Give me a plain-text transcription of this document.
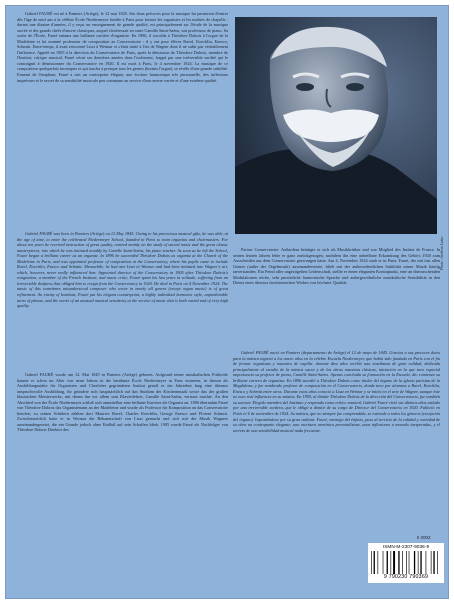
Gabriel FAURÉ est né à Pamiers (Ariège), le 12 mai 1845. Ses dons précoces pour la musique lui permirent d'entrer dès l'âge de neuf ans à la célèbre École Niedermeyer fondée à Paris pour former les organistes et les maîtres de chapelle : durant une dizaine d'années, il y reçut un enseignement de grande qualité, est principalement sur l'étude de la musique sacrée et des grands chefs-d'œuvre classiques, auquel s'intéressait en outre Camille Saint-Saëns, son professeur de piano. Sa sortie de l'École, Fauré entama une brillante carrière d'organiste. En 1896, il succéda à Théodore Dubois à l'orgue de la Madeleine et fut nommé professeur de composition au Conservatoire : il y eut pour élèves Ravel, Koechlin, Enesco, Schmitt. Entre-temps, il avait rencontré Liszt à Weimar et s'était initié à l'art de Wagner dont il ne subit pas véritablement l'influence. Appelé en 1905 à la direction du Conservatoire de Paris, après la démission de Théodore Dubois, membre de l'Institut, critique musical, Fauré vécut ses dernières années dans l'isolement, frappé par une irréversible surdité qui le contraignit à démissionner du Conservatoire en 1920. Il est mort à Paris, le 4 novembre 1924. La musique de ce compositeur quelquefois incompris et qui toucha à presque tous les genres (hormis l'orgue), se révèle d'une grande subtilité. Ennemi de l'emphase, Fauré a mis un contrepoint élégant, une écriture harmonique très personnelle, des inflexions imprévues et le secret de sa sensibilité musicale peu commune au service d'une œuvre variée et d'une extrême qualité.

Gabriel FAURÉ was born in Pamiers (Ariège) on 12 May 1845. Owing to his precocious musical gifts, he was able, at the age of nine, to enter the celebrated Niedermeyer School, founded in Paris to train organists and choirmasters. For about ten years he received instruction of great quality, centred mainly on the study of sacred music and the great classic masterpieces, into which he was initiated notably by Camille Saint-Saëns, his piano teacher. As soon as he left the School, Fauré began a brilliant career as an organist. In 1896 he succeeded Théodore Dubois as organist at the Church of the Madeleine in Paris, and was appointed professor of composition at the Conservatory, where his pupils came to include Ravel, Koechlin, Enesco and Schmitt. Meanwhile, he had met Liszt in Weimar and had been initiated into Wagner's art, which, however, never really influenced him. Appointed director of the Conservatory in 1905 after Théodore Dubois's resignation, a member of the French Institute, and music critic, Fauré spent his last years in solitude, suffering from an irreversible deafness that obliged him to resign from the Conservatory in 1920. He died in Paris on 4 November 1924. The music of this sometimes misunderstood composer who wrote in nearly all genres (except organ music) is of great refinement. An enemy of bombast, Fauré put his elegant counterpoint, a highly individual harmonic style, unpredictable turns of phrase, and the secret of an unusual musical sensitivity at the service of music that is both varied and of very high quality.

Gabriel FAURÉ wurde am 12. Mai 1845 in Pamiers (Ariège) geboren. Aufgrund seiner musikalischen Frühreife konnte er schon im Alter von neun Jahren in die berühmte École Niedermeyer in Paris eintreten, in dessen als Ausbildungsstätte für Organisten und Chorleiter gegründeten Institut genoß er ein Jahrzehnt lang eine überaus anspruchsvolle Ausbildung, für gründete sich hauptsächlich auf das Studium der Kirchenmusik sowie das der großen klassischen Meisterwerke, mit denen ihn vor allem sein Klavierlehrer, Camille Saint-Saëns, vertraut machte. An den Abschied von der École Niedermeyer schloß sich unmittelbar eine brillante Karriere als Organist an: 1896 übernahm Fauré von Théodore Dubois das Organistenamt an der Madeleine und wurde als Professor für Komposition an das Conservatoire berufen; zu seinen Schülern zählten dort Maurice Ravel, Charles Koechlin, George Enesco und Florent Schmitt. Zwischenzeitlich hatte er in Weimar die Bekanntschaft von Liszt gemacht und sich mit der Musik Wagners auseinandergesetzt, die ein Grunde jedoch ohne Einfluß auf sein Schaffen blieb. 1905 wurde Fauré als Nachfolger von Théodore Dubois Direktor des

Photo : Archives Leduc

Pariser Conservatoire. Außerdem betätigte er sich als Musikkritiker und war Mitglied des Institut de France. In seinen letzten Jahren lebte er ganz zurückgezogen, nachdem ihn eine unheilbare Erkrankung des Gehörs 1920 zum Ausscheiden aus dem Conservatoire gezwungen hatte. Am 4. November 1924 starb er in Paris. Fauré, der mit fast allen Genres (außer der Orgelmusik) auseinandersetzte, blieb mit der außerordentlichen Subtilität seiner Musik häufig unverstanden. Ein Feind aller ungezügelten Leidenschaft, stellte er einen eleganten Kontrapunkt, eine an überraschenden Modulationen reiche, sehr persönliche harmonische Sprache und außergewöhnliche musikalische Sensibilität in den Dienst eines überaus facettenreichen Werkes von höchster Qualität.

Gabriel FAURÉ nació en Pamiers (departamento de Ariège) el 12 de mayo de 1845. Gracias a sus precoces dotes para la música ingresó a los nueve años en la célebre Escuela Niedermeyer, que había sido fundada en París con el fin de formar organistas y maestros de capilla: durante diez años recibió una enseñanza de gran calidad, dedicada principalmente al estudio de la música sacra y de las obras maestras clásicas, iniciación en la que tuvo especial importancia su profesor de piano, Camille Saint-Saëns. Apenas concluida su formación en la Escuela, dio comienzo su brillante carrera de organista. En 1896 sucedió a Théodore Dubois como titular del órgano de la iglesia parisina de la Magdalena, y fue nombrado profesor de composición en el Conservatorio, donde tuvo por alumnos a Ravel, Koechlin, Enesco y Schmitt entre otros. Durante estos años conoció a Liszt en Weimar y se inició en el arte de Wagner, aunque éste no tuvo real influencia en su música. En 1905, al dimitir Théodore Dubois de la dirección del Conservatorio, fue también su sucesor. Elegido miembro del Instituto y respetado como crítico musical, Gabriel Fauré vivió sus últimos años aislado por una irreversible sordera, que le obligó a dimitir de su cargo de Director del Conservatorio en 1920. Falleció en París el 4 de noviembre de 1924. Su música, que no siempre fue comprendida, se extiende a todos los géneros (excepción del órgano). Imponiéndose por su gran sutileza: Fauré, enemigo del énfasis, puso al servicio de la calidad y variedad de su obra un contrapunto elegante, una escritura armónica personalísima, unas inflexiones a menudo inesperadas, y el secreto de una sensibilidad musical nada frecuente.

II 2002
ISMN-M-2307-9036-9
9 790230 790369
